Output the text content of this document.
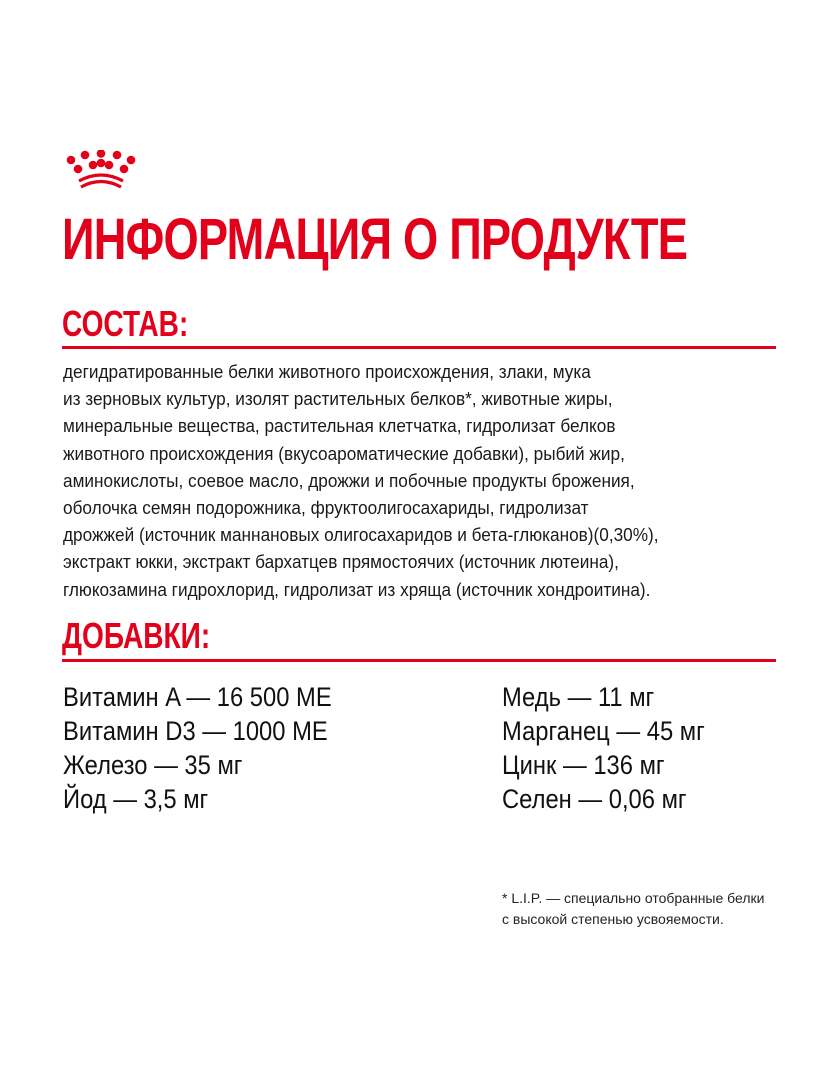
ИНФОРМАЦИЯ О ПРОДУКТЕ
СОСТАВ:

дегидратированные белки животного происхождения, злаки, мука

из зерновых культур, изолят растительных белков*, животные жиры,

минеральные вещества, растительная клетчатка, гидролизат белков

животного происхождения (вкусоароматические добавки), рыбий жир,

аминокислоты, соевое масло, дрожжи и побочные продукты брожения,

оболочка семян подорожника, фруктоолигосахариды, гидролизат

дрожжей (источник маннановых олигосахаридов и бета-глюканов)(0,30%),

экстракт юкки, экстракт бархатцев прямостоячих (источник лютеина),

глюкозамина гидрохлорид, гидролизат из хряща (источник хондроитина).

ДОБАВКИ:
Витамин A — 16 500 МЕ
Витамин D3 — 1000 МЕ
Железо — 35 мг
Йод — 3,5 мг
Медь — 11 мг
Марганец — 45 мг
Цинк — 136 мг
Селен — 0,06 мг
* L.I.P. — специально отобранные белки
с высокой степенью усвояемости.
